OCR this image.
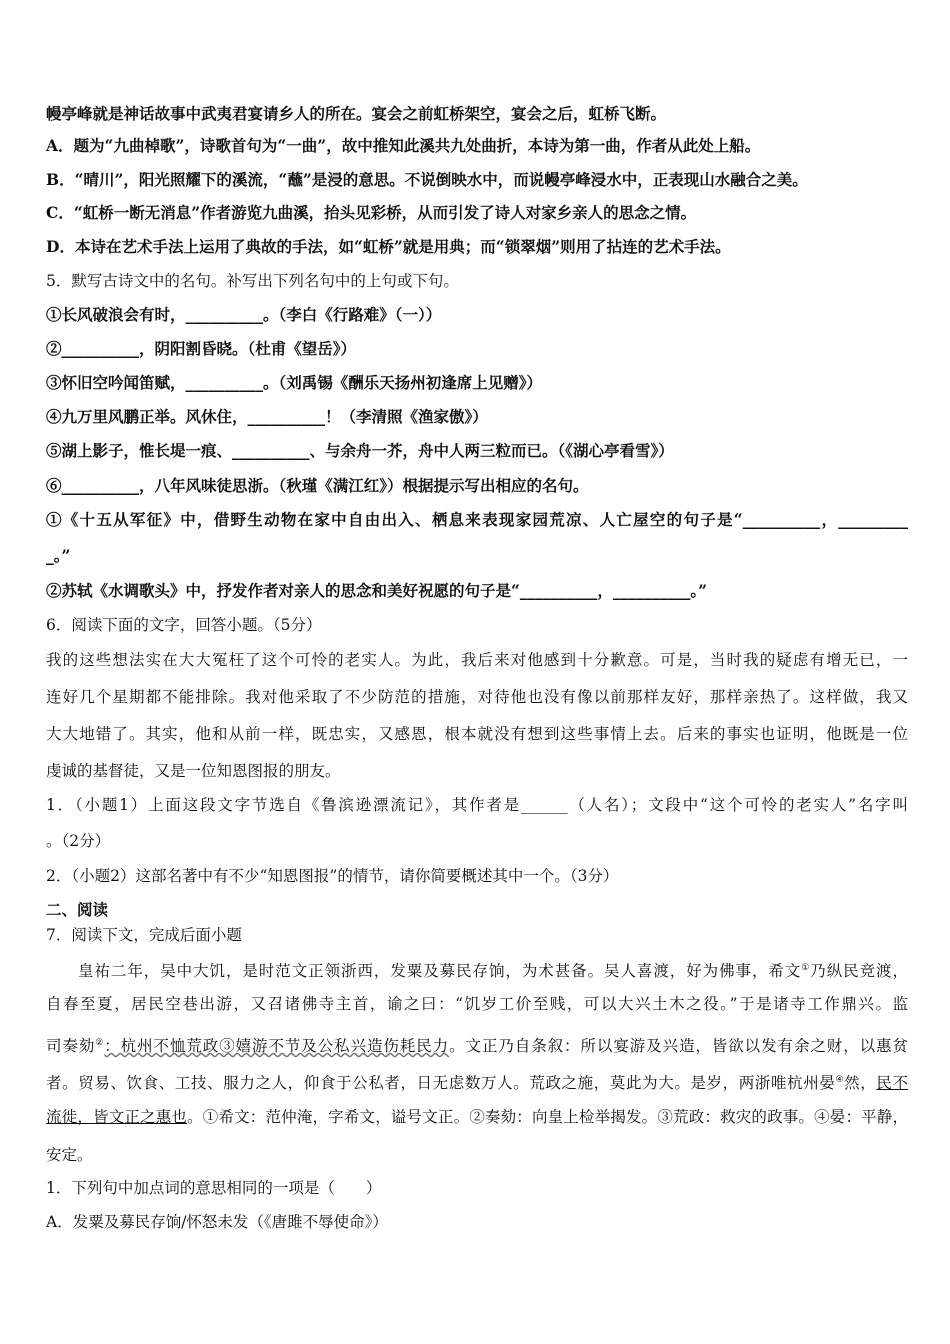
幔亭峰就是神话故事中武夷君宴请乡人的所在。宴会之前虹桥架空，宴会之后，虹桥飞断。
A．题为“九曲棹歌”，诗歌首句为“一曲”，故中推知此溪共九处曲折，本诗为第一曲，作者从此处上船。
B．“晴川”，阳光照耀下的溪流，“蘸”是浸的意思。不说倒映水中，而说幔亭峰浸水中，正表现山水融合之美。
C．“虹桥一断无消息”作者游览九曲溪，抬头见彩桥，从而引发了诗人对家乡亲人的思念之情。
D．本诗在艺术手法上运用了典故的手法，如“虹桥”就是用典；而“锁翠烟”则用了拈连的艺术手法。
5．默写古诗文中的名句。补写出下列名句中的上句或下句。
①长风破浪会有时，__________。（李白《行路难》（一））
②__________，阴阳割昏晓。（杜甫《望岳》）
③怀旧空吟闻笛赋，__________。（刘禹锡《酬乐天扬州初逢席上见赠》）
④九万里风鹏正举。风休住，__________！（李清照《渔家傲》）
⑤湖上影子，惟长堤一痕、__________、与余舟一芥，舟中人两三粒而已。（《湖心亭看雪》）
⑥__________，八年风味徒思浙。（秋瑾《满江红》）根据提示写出相应的名句。
①《十五从军征》中，借野生动物在家中自由出入、栖息来表现家园荒凉、人亡屋空的句子是“__________，_________
_。”
②苏轼《水调歌头》中，抒发作者对亲人的思念和美好祝愿的句子是“__________，__________。”
6．阅读下面的文字，回答小题。（5分）
我的这些想法实在大大冤枉了这个可怜的老实人。为此，我后来对他感到十分歉意。可是，当时我的疑虑有增无已，一
连好几个星期都不能排除。我对他采取了不少防范的措施，对待他也没有像以前那样友好，那样亲热了。这样做，我又
大大地错了。其实，他和从前一样，既忠实，又感恩，根本就没有想到这些事情上去。后来的事实也证明，他既是一位
虔诚的基督徒，又是一位知恩图报的朋友。
1．（小题1）上面这段文字节选自《鲁滨逊漂流记》，其作者是______（人名）；文段中“这个可怜的老实人”名字叫
。（2分）
2．（小题2）这部名著中有不少“知恩图报”的情节，请你简要概述其中一个。（3分）
二、阅读
7．阅读下文，完成后面小题
皇祐二年，吴中大饥，是时范文正领浙西，发粟及募民存饷，为术甚备。吴人喜渡，好为佛事，希文①乃纵民竞渡，
自春至夏，居民空巷出游，又召诸佛寺主首，谕之曰：“饥岁工价至贱，可以大兴土木之役。”于是诸寺工作鼎兴。监
司奏劾②：杭州不恤荒政③嬉游不节及公私兴造伤耗民力。文正乃自条叙：所以宴游及兴造，皆欲以发有余之财，以惠贫
者。贸易、饮食、工技、服力之人，仰食于公私者，日无虑数万人。荒政之施，莫此为大。是岁，两浙唯杭州晏④然，民不
流徙，皆文正之惠也。①希文：范仲淹，字希文，谥号文正。②奏劾：向皇上检举揭发。③荒政：救灾的政事。④晏：平静，
安定。
1．下列句中加点词的意思相同的一项是（　　）
A．发粟及募民存饷/怀怒未发（《唐雎不辱使命》）
